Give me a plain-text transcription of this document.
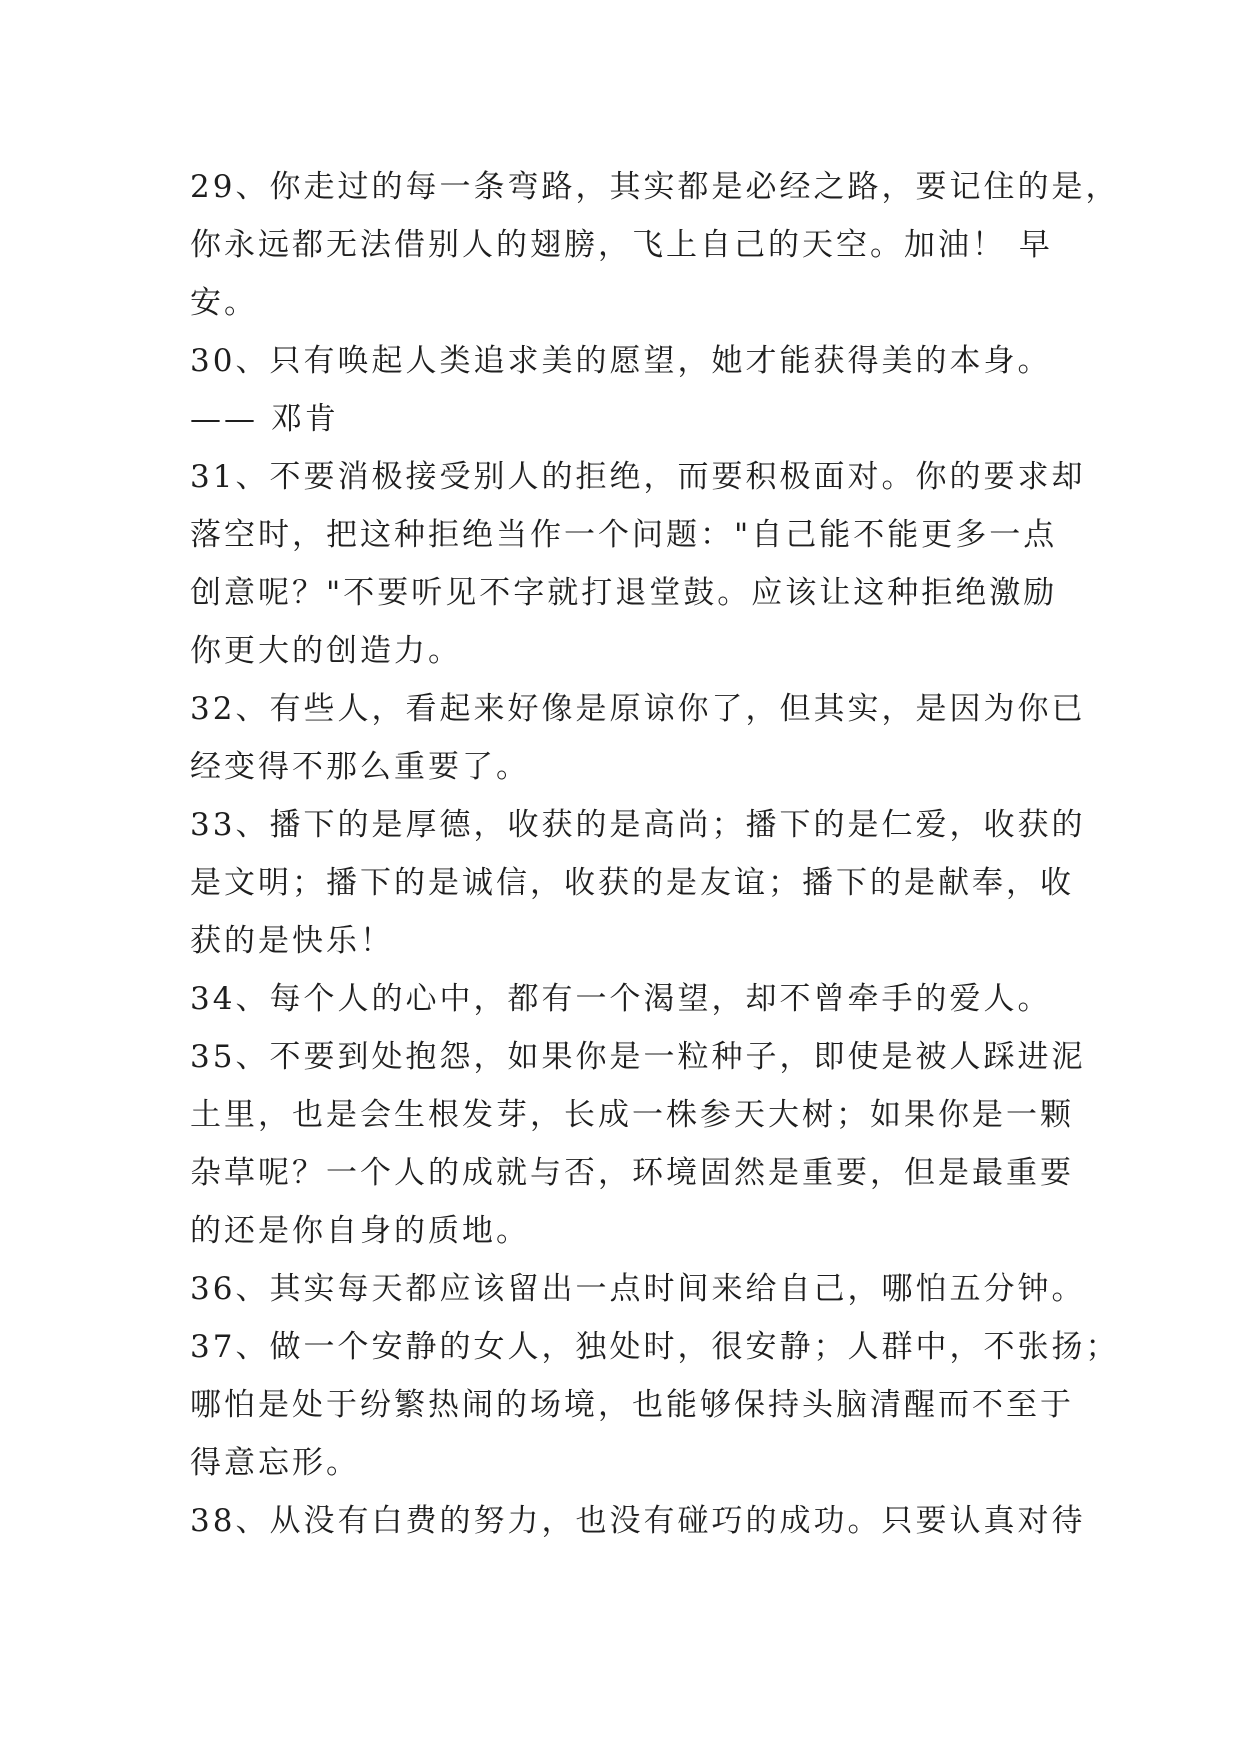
29、你走过的每一条弯路，其实都是必经之路，要记住的是，
你永远都无法借别人的翅膀，飞上自己的天空。加油！ 早
安。
30、只有唤起人类追求美的愿望，她才能获得美的本身。
—— 邓肯
31、不要消极接受别人的拒绝，而要积极面对。你的要求却
落空时，把这种拒绝当作一个问题："自己能不能更多一点
创意呢？"不要听见不字就打退堂鼓。应该让这种拒绝激励
你更大的创造力。
32、有些人，看起来好像是原谅你了，但其实，是因为你已
经变得不那么重要了。
33、播下的是厚德，收获的是高尚；播下的是仁爱，收获的
是文明；播下的是诚信，收获的是友谊；播下的是献奉，收
获的是快乐！
34、每个人的心中，都有一个渴望，却不曾牵手的爱人。
35、不要到处抱怨，如果你是一粒种子，即使是被人踩进泥
土里，也是会生根发芽，长成一株参天大树；如果你是一颗
杂草呢？一个人的成就与否，环境固然是重要，但是最重要
的还是你自身的质地。
36、其实每天都应该留出一点时间来给自己，哪怕五分钟。
37、做一个安静的女人，独处时，很安静；人群中，不张扬；
哪怕是处于纷繁热闹的场境，也能够保持头脑清醒而不至于
得意忘形。
38、从没有白费的努力，也没有碰巧的成功。只要认真对待
